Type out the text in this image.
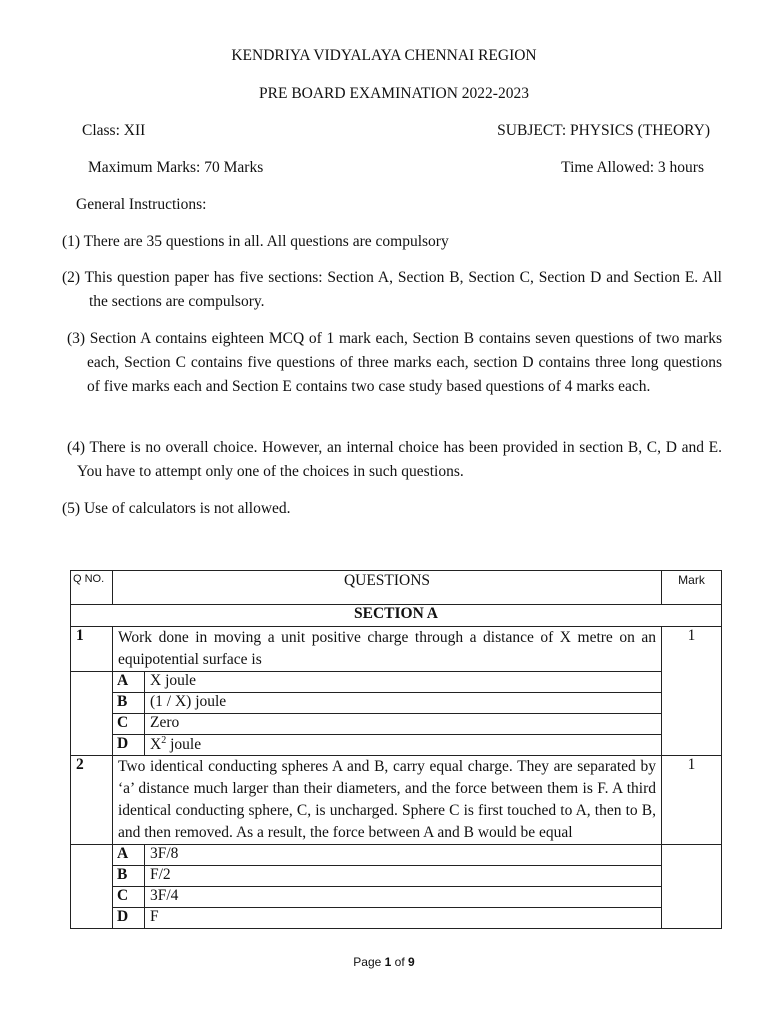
KENDRIYA VIDYALAYA CHENNAI REGION
PRE BOARD EXAMINATION 2022-2023
Class: XII	SUBJECT: PHYSICS (THEORY)
Maximum Marks: 70 Marks	Time Allowed: 3 hours
General Instructions:
(1) There are 35 questions in all. All questions are compulsory
(2) This question paper has five sections: Section A, Section B, Section C, Section D and Section E. All the sections are compulsory.
(3) Section A contains eighteen MCQ of 1 mark each, Section B contains seven questions of two marks each, Section C contains five questions of three marks each, section D contains three long questions of five marks each and Section E contains two case study based questions of 4 marks each.
(4) There is no overall choice. However, an internal choice has been provided in section B, C, D and E. You have to attempt only one of the choices in such questions.
(5) Use of calculators is not allowed.
Q NO.	QUESTIONS		Mark
SECTION A			
1	Work done in moving a unit positive charge through a distance of X metre on an equipotential surface is		1
	A	X joule	
	B	(1 / X) joule	
	C	Zero	
	D	$X^2$ joule	
2	Two identical conducting spheres A and B, carry equal charge. They are separated by ‘a’ distance much larger than their diameters, and the force between them is F. A third identical conducting sphere, C, is uncharged. Sphere C is first touched to A, then to B, and then removed. As a result, the force between A and B would be equal		1
	A	3F/8	
	B	F/2	
	C	3F/4	
	D	F	
Page 1 of 9
